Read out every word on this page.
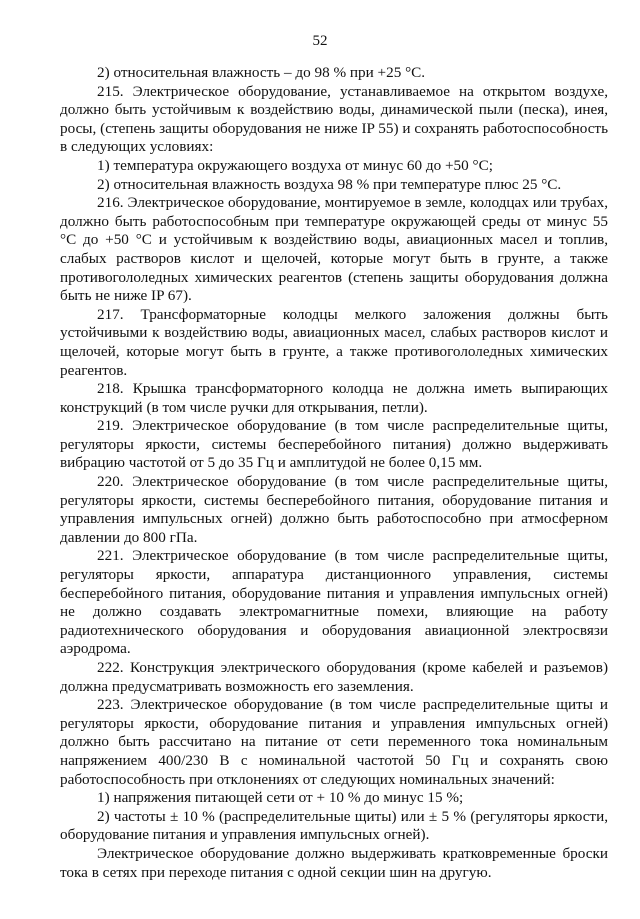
52

2) относительная влажность – до 98 % при +25 °С.

215. Электрическое оборудование, устанавливаемое на открытом воздухе, должно быть устойчивым к воздействию воды, динамической пыли (песка), инея, росы, (степень защиты оборудования не ниже IP 55) и сохранять работоспособность в следующих условиях:

1) температура окружающего воздуха от минус 60 до +50 °С;

2) относительная влажность воздуха 98 % при температуре плюс 25 °С.

216. Электрическое оборудование, монтируемое в земле, колодцах или трубах, должно быть работоспособным при температуре окружающей среды от минус 55 °С до +50 °С и устойчивым к воздействию воды, авиационных масел и топлив, слабых растворов кислот и щелочей, которые могут быть в грунте, а также противогололедных химических реагентов (степень защиты оборудования должна быть не ниже IP 67).

217. Трансформаторные колодцы мелкого заложения должны быть устойчивыми к воздействию воды, авиационных масел, слабых растворов кислот и щелочей, которые могут быть в грунте, а также противогололедных химических реагентов.

218. Крышка трансформаторного колодца не должна иметь выпирающих конструкций (в том числе ручки для открывания, петли).

219. Электрическое оборудование (в том числе распределительные щиты, регуляторы яркости, системы бесперебойного питания) должно выдерживать вибрацию частотой от 5 до 35 Гц и амплитудой не более 0,15 мм.

220. Электрическое оборудование (в том числе распределительные щиты, регуляторы яркости, системы бесперебойного питания, оборудование питания и управления импульсных огней) должно быть работоспособно при атмосферном давлении до 800 гПа.

221. Электрическое оборудование (в том числе распределительные щиты, регуляторы яркости, аппаратура дистанционного управления, системы бесперебойного питания, оборудование питания и управления импульсных огней) не должно создавать электромагнитные помехи, влияющие на работу радиотехнического оборудования и оборудования авиационной электросвязи аэродрома.

222. Конструкция электрического оборудования (кроме кабелей и разъемов) должна предусматривать возможность его заземления.

223. Электрическое оборудование (в том числе распределительные щиты и регуляторы яркости, оборудование питания и управления импульсных огней) должно быть рассчитано на питание от сети переменного тока номинальным напряжением 400/230 В с номинальной частотой 50 Гц и сохранять свою работоспособность при отклонениях от следующих номинальных значений:

1) напряжения питающей сети от + 10 % до минус 15 %;

2) частоты ± 10 % (распределительные щиты) или ± 5 % (регуляторы яркости, оборудование питания и управления импульсных огней).

Электрическое оборудование должно выдерживать кратковременные броски тока в сетях при переходе питания с одной секции шин на другую.
